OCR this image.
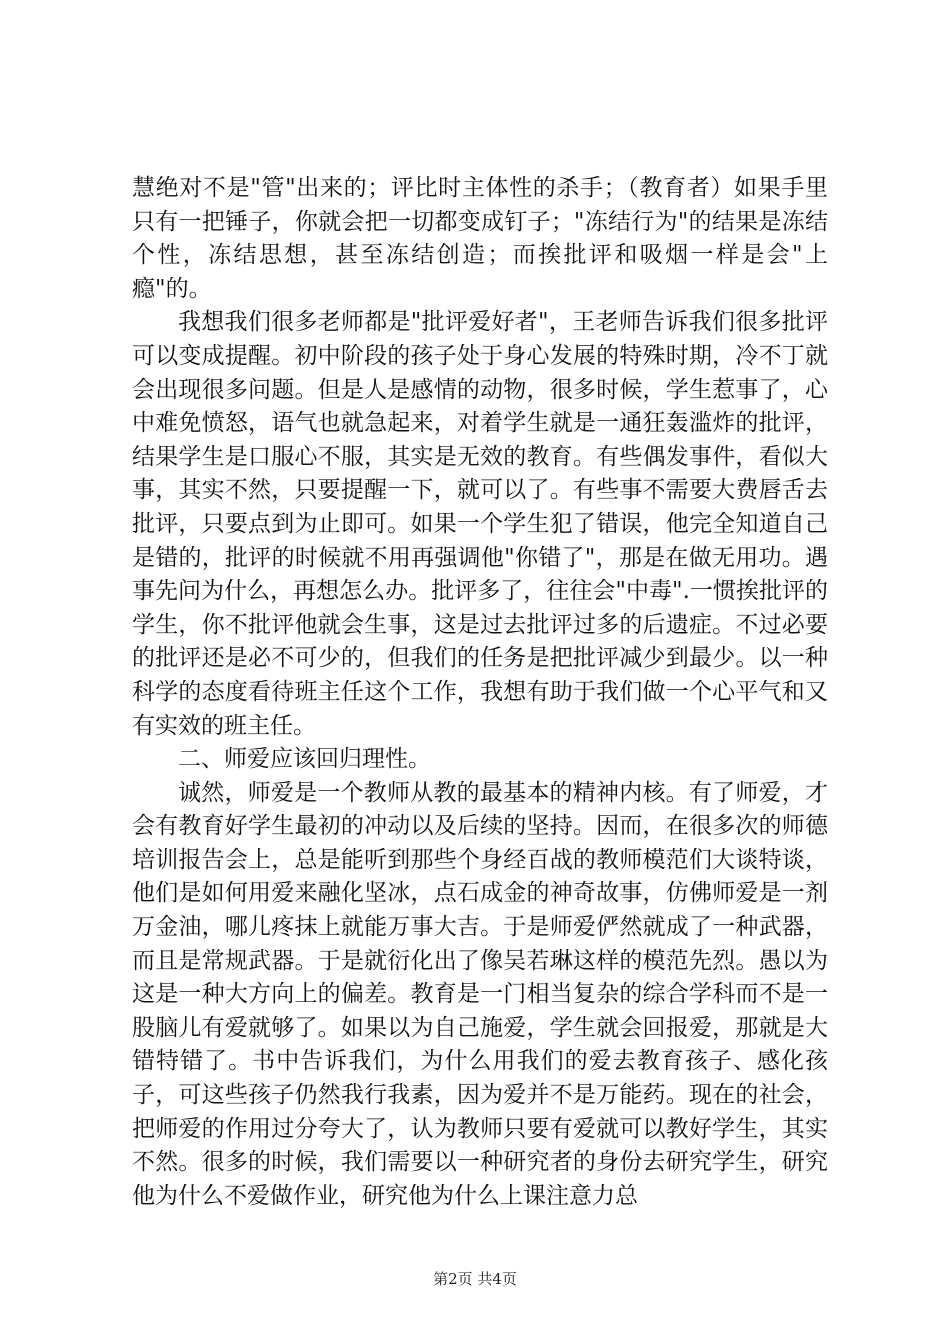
慧绝对不是"管"出来的；评比时主体性的杀手；（教育者）如果手里只有一把锤子，你就会把一切都变成钉子；"冻结行为"的结果是冻结个性，冻结思想，甚至冻结创造；而挨批评和吸烟一样是会"上瘾"的。

我想我们很多老师都是"批评爱好者"，王老师告诉我们很多批评可以变成提醒。初中阶段的孩子处于身心发展的特殊时期，冷不丁就会出现很多问题。但是人是感情的动物，很多时候，学生惹事了，心中难免愤怒，语气也就急起来，对着学生就是一通狂轰滥炸的批评，结果学生是口服心不服，其实是无效的教育。有些偶发事件，看似大事，其实不然，只要提醒一下，就可以了。有些事不需要大费唇舌去批评，只要点到为止即可。如果一个学生犯了错误，他完全知道自己是错的，批评的时候就不用再强调他"你错了"，那是在做无用功。遇事先问为什么，再想怎么办。批评多了，往往会"中毒".一惯挨批评的学生，你不批评他就会生事，这是过去批评过多的后遗症。不过必要的批评还是必不可少的，但我们的任务是把批评减少到最少。以一种科学的态度看待班主任这个工作，我想有助于我们做一个心平气和又有实效的班主任。

二、师爱应该回归理性。

诚然，师爱是一个教师从教的最基本的精神内核。有了师爱，才会有教育好学生最初的冲动以及后续的坚持。因而，在很多次的师德培训报告会上，总是能听到那些个身经百战的教师模范们大谈特谈，他们是如何用爱来融化坚冰，点石成金的神奇故事，仿佛师爱是一剂万金油，哪儿疼抹上就能万事大吉。于是师爱俨然就成了一种武器，而且是常规武器。于是就衍化出了像吴若琳这样的模范先烈。愚以为这是一种大方向上的偏差。教育是一门相当复杂的综合学科而不是一股脑儿有爱就够了。如果以为自己施爱，学生就会回报爱，那就是大错特错了。书中告诉我们，为什么用我们的爱去教育孩子、感化孩子，可这些孩子仍然我行我素，因为爱并不是万能药。现在的社会，把师爱的作用过分夸大了，认为教师只要有爱就可以教好学生，其实不然。很多的时候，我们需要以一种研究者的身份去研究学生，研究他为什么不爱做作业，研究他为什么上课注意力总

第2页 共4页
